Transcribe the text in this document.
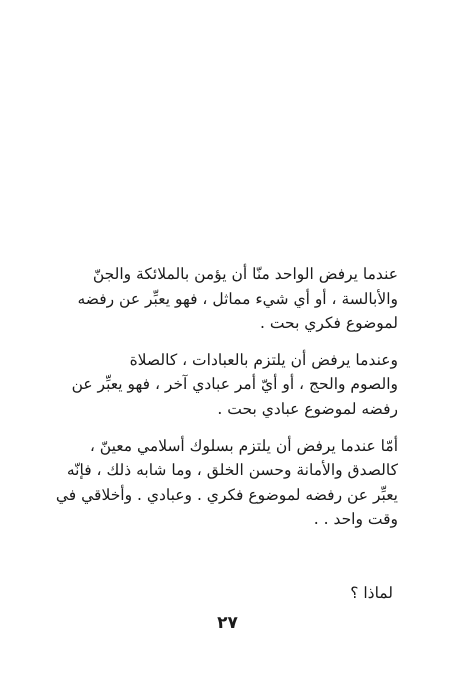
عندما يرفض الواحد منّا أن يؤمن بالملائكة والجنّ
والأبالسة ، أو أي شيء مماثل ، فهو يعبِّر عن رفضه
لموضوع فكري بحت .

وعندما يرفض أن يلتزم بالعبادات ، كالصلاة
والصوم والحج ، أو أيّ أمر عبادي آخر ، فهو يعبِّر عن
رفضه لموضوع عبادي بحت .

أمّا عندما يرفض أن يلتزم بسلوك أسلامي معينّ ،
كالصدق والأمانة وحسن الخلق ، وما شابه ذلك ، فإنّه
يعبِّر عن رفضه لموضوع فكري . وعبادي . وأخلاقي في
وقت واحد . .

لماذا ؟
٢٧
